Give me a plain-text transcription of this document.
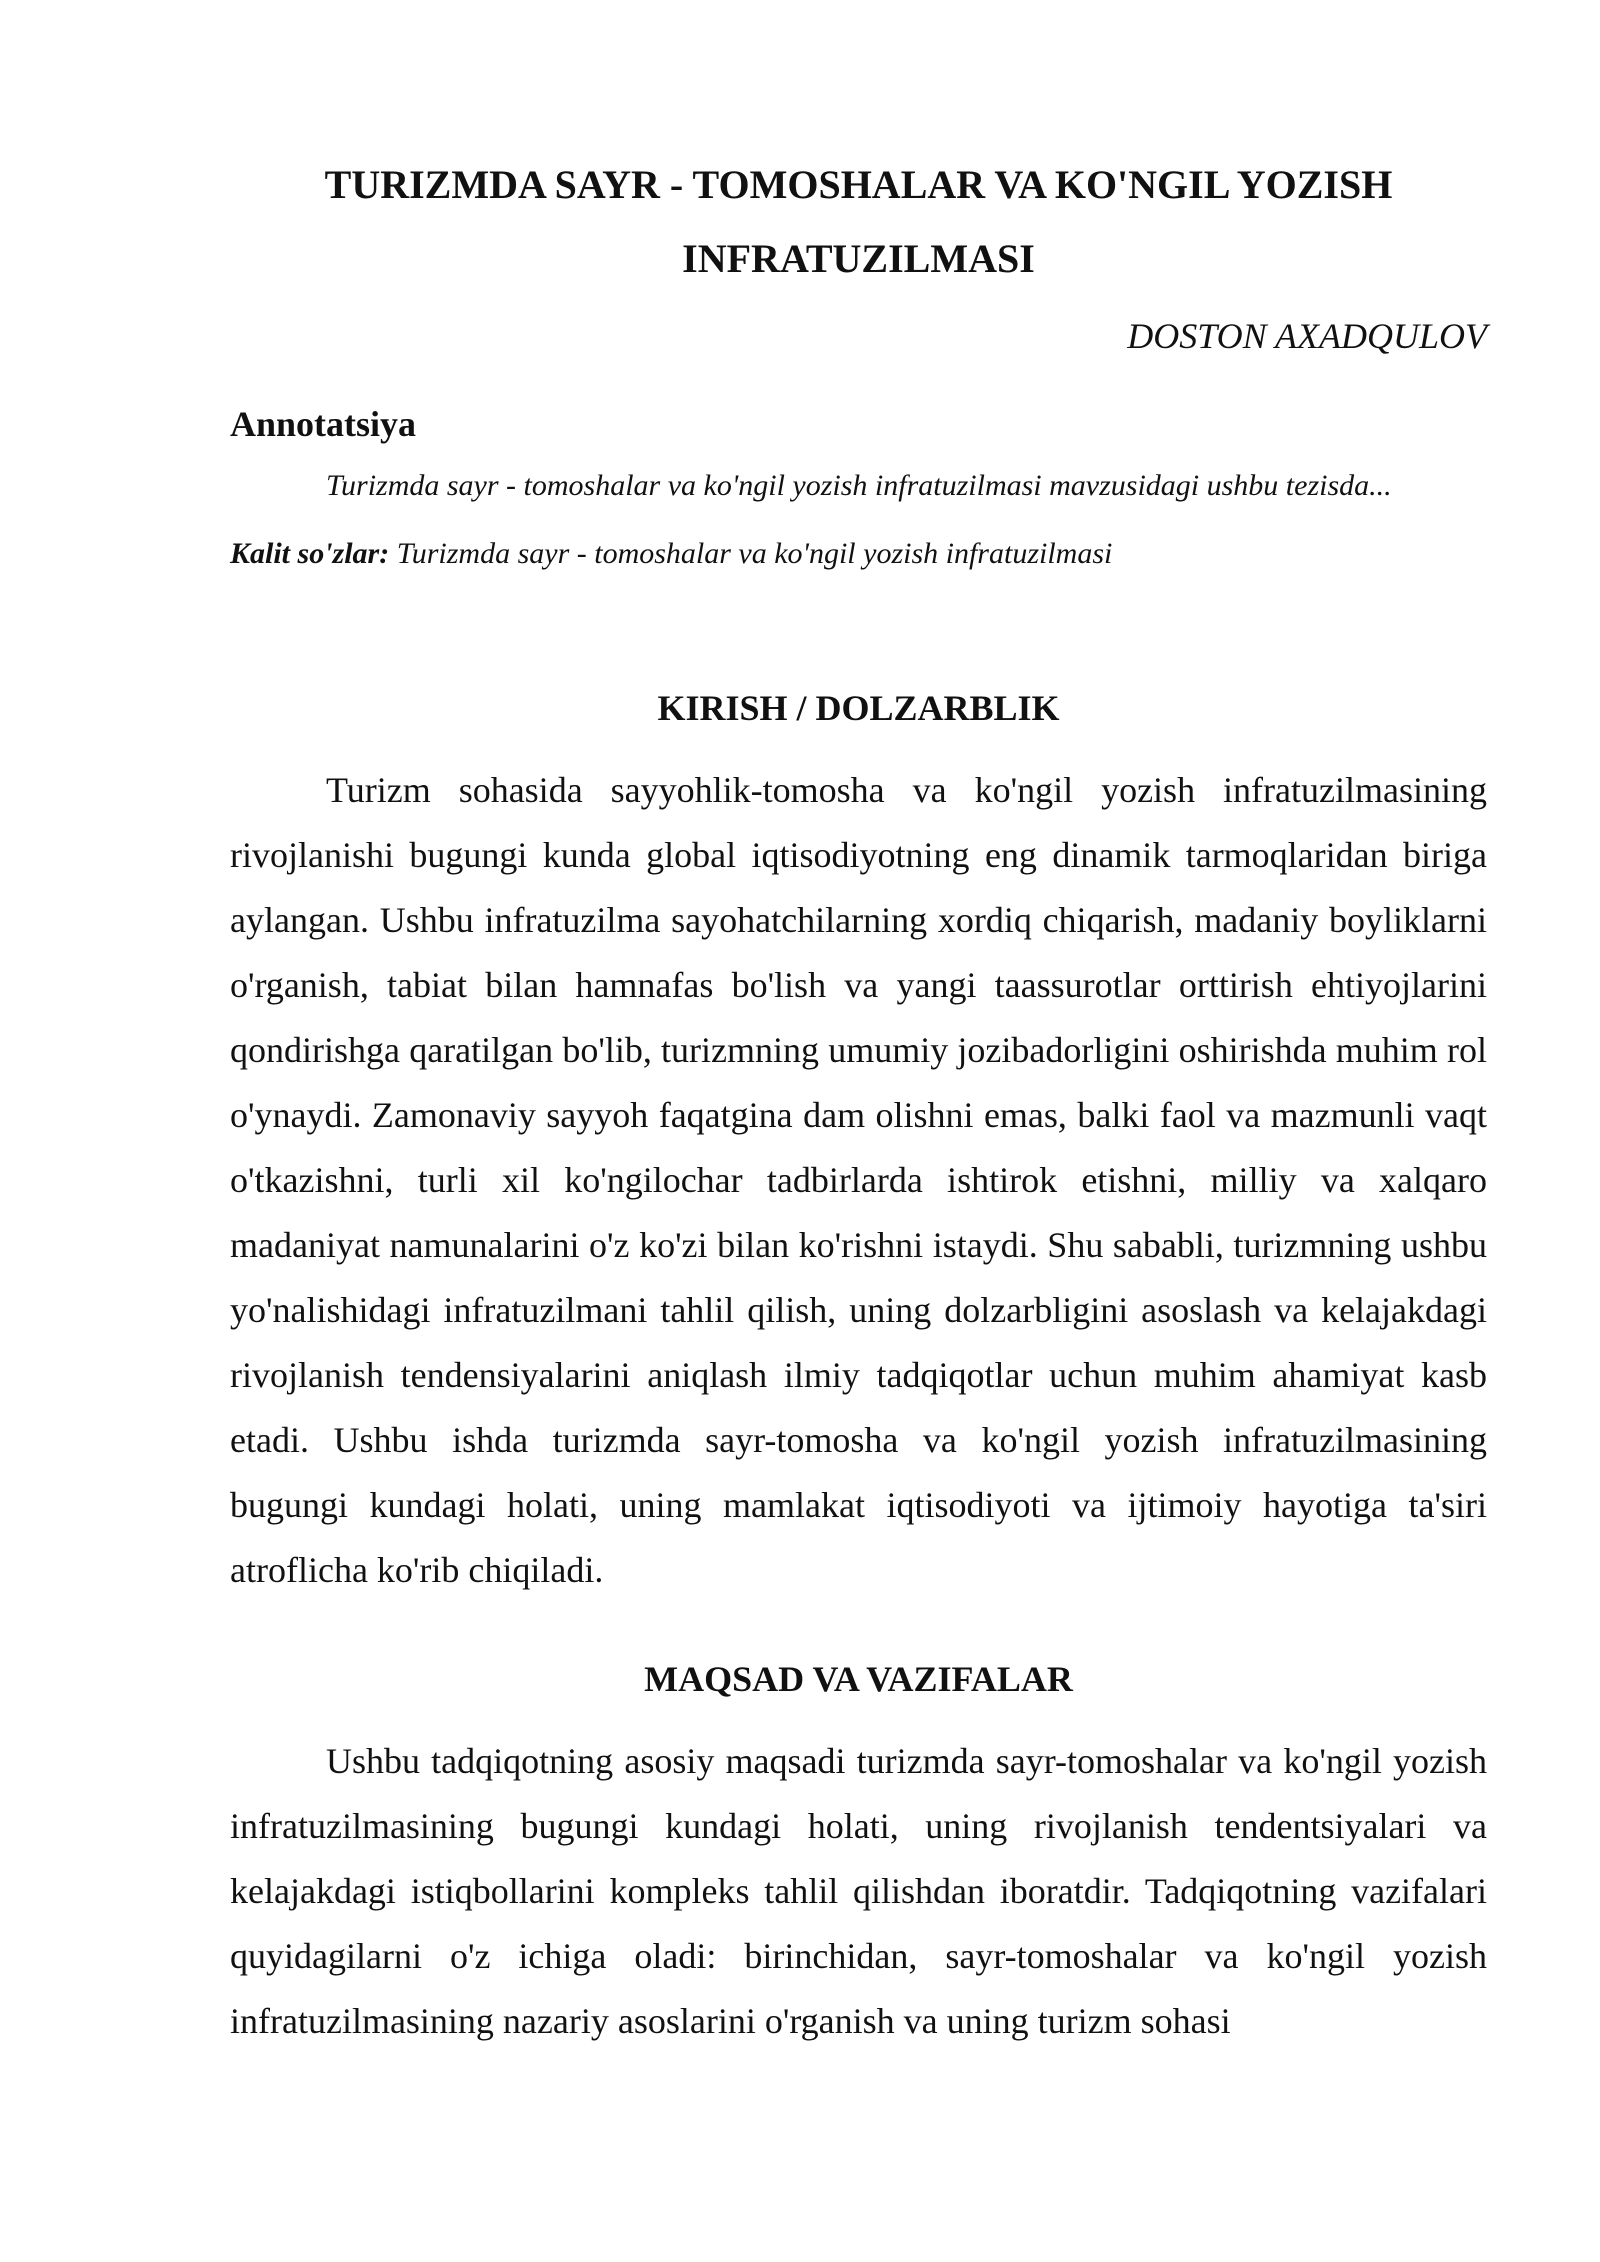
TURIZMDA SAYR - TOMOSHALAR VA KO'NGIL YOZISH INFRATUZILMASI

DOSTON AXADQULOV

Annotatsiya

Turizmda sayr - tomoshalar va ko'ngil yozish infratuzilmasi mavzusidagi ushbu tezisda...

Kalit so'zlar: Turizmda sayr - tomoshalar va ko'ngil yozish infratuzilmasi

KIRISH / DOLZARBLIK

Turizm sohasida sayyohlik-tomosha va ko'ngil yozish infratuzilmasining rivojlanishi bugungi kunda global iqtisodiyotning eng dinamik tarmoqlaridan biriga aylangan. Ushbu infratuzilma sayohatchilarning xordiq chiqarish, madaniy boyliklarni o'rganish, tabiat bilan hamnafas bo'lish va yangi taassurotlar orttirish ehtiyojlarini qondirishga qaratilgan bo'lib, turizmning umumiy jozibadorligini oshirishda muhim rol o'ynaydi. Zamonaviy sayyoh faqatgina dam olishni emas, balki faol va mazmunli vaqt o'tkazishni, turli xil ko'ngilochar tadbirlarda ishtirok etishni, milliy va xalqaro madaniyat namunalarini o'z ko'zi bilan ko'rishni istaydi. Shu sababli, turizmning ushbu yo'nalishidagi infratuzilmani tahlil qilish, uning dolzarbligini asoslash va kelajakdagi rivojlanish tendensiyalarini aniqlash ilmiy tadqiqotlar uchun muhim ahamiyat kasb etadi. Ushbu ishda turizmda sayr-tomosha va ko'ngil yozish infratuzilmasining bugungi kundagi holati, uning mamlakat iqtisodiyoti va ijtimoiy hayotiga ta'siri atroflicha ko'rib chiqiladi.

MAQSAD VA VAZIFALAR

Ushbu tadqiqotning asosiy maqsadi turizmda sayr-tomoshalar va ko'ngil yozish infratuzilmasining bugungi kundagi holati, uning rivojlanish tendentsiyalari va kelajakdagi istiqbollarini kompleks tahlil qilishdan iboratdir. Tadqiqotning vazifalari quyidagilarni o'z ichiga oladi: birinchidan, sayr-tomoshalar va ko'ngil yozish infratuzilmasining nazariy asoslarini o'rganish va uning turizm sohasi
